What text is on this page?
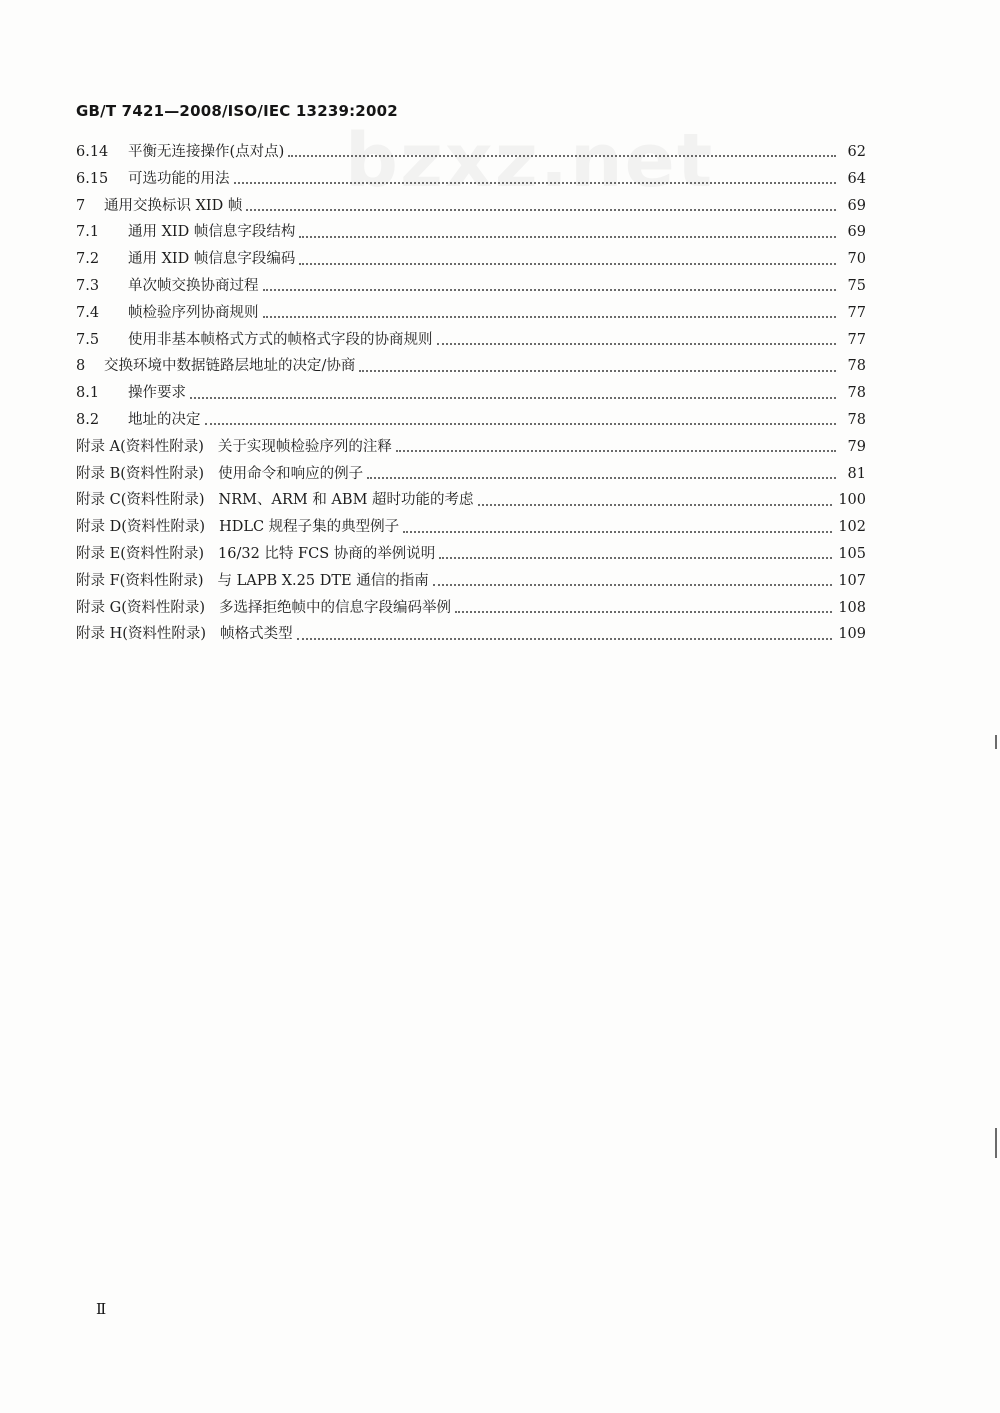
bzxz.net
GB/T 7421—2008/ISO/IEC 13239:2002
6.14	平衡无连接操作(点对点)	62
6.15	可选功能的用法	64
7	通用交换标识 XID 帧	69
7.1	通用 XID 帧信息字段结构	69
7.2	通用 XID 帧信息字段编码	70
7.3	单次帧交换协商过程	75
7.4	帧检验序列协商规则	77
7.5	使用非基本帧格式方式的帧格式字段的协商规则	77
8	交换环境中数据链路层地址的决定/协商	78
8.1	操作要求	78
8.2	地址的决定	78
附录 A (资料性附录) 关于实现帧检验序列的注释	79
附录 B (资料性附录) 使用命令和响应的例子	81
附录 C (资料性附录) NRM、ARM 和 ABM 超时功能的考虑	100
附录 D (资料性附录) HDLC 规程子集的典型例子	102
附录 E (资料性附录) 16/32 比特 FCS 协商的举例说明	105
附录 F (资料性附录) 与 LAPB X.25 DTE 通信的指南	107
附录 G (资料性附录) 多选择拒绝帧中的信息字段编码举例	108
附录 H (资料性附录) 帧格式类型	109
Ⅱ
